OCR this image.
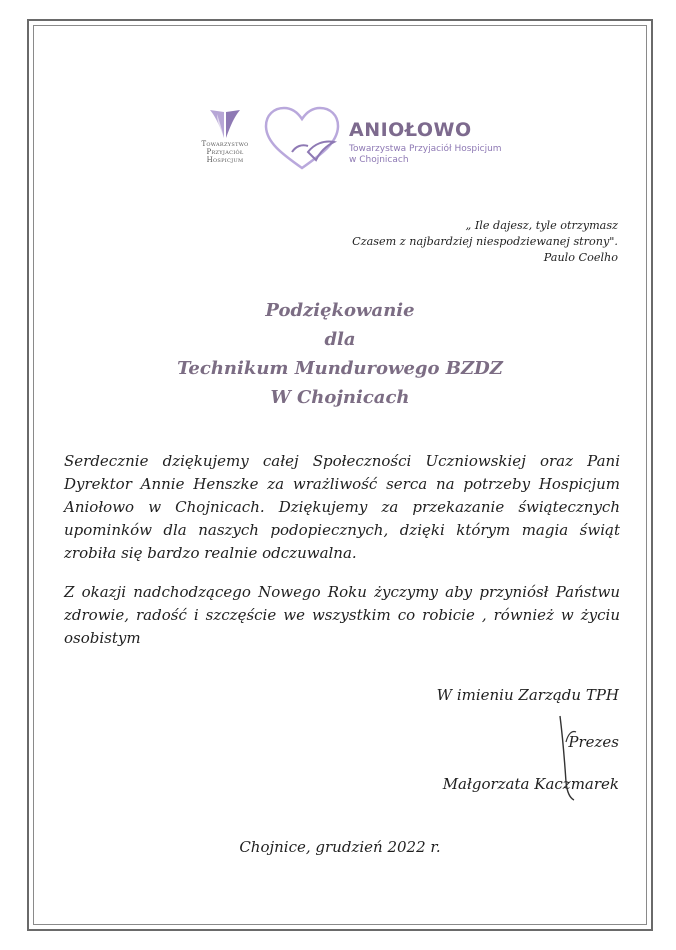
Towarzystwo
Przyjaciół
Hospicjum
ANIOŁOWO
Towarzystwa Przyjaciół Hospicjum
w Chojnicach
„ Ile dajesz, tyle otrzymasz
Czasem z najbardziej niespodziewanej strony".
Paulo Coelho
Podziękowanie
dla
Technikum Mundurowego BZDZ
W Chojnicach

Serdecznie dziękujemy całej Społeczności Uczniowskiej oraz Pani Dyrektor Annie Henszke za wrażliwość serca na potrzeby Hospicjum Aniołowo w Chojnicach. Dziękujemy za przekazanie świątecznych upominków dla naszych podopiecznych, dzięki którym magia świąt zrobiła się bardzo realnie odczuwalna.

Z okazji nadchodzącego Nowego Roku życzymy aby przyniósł Państwu zdrowie, radość i szczęście we wszystkim co robicie , również w życiu osobistym

W imieniu Zarządu TPH
Prezes
Małgorzata Kaczmarek
Chojnice, grudzień 2022 r.
